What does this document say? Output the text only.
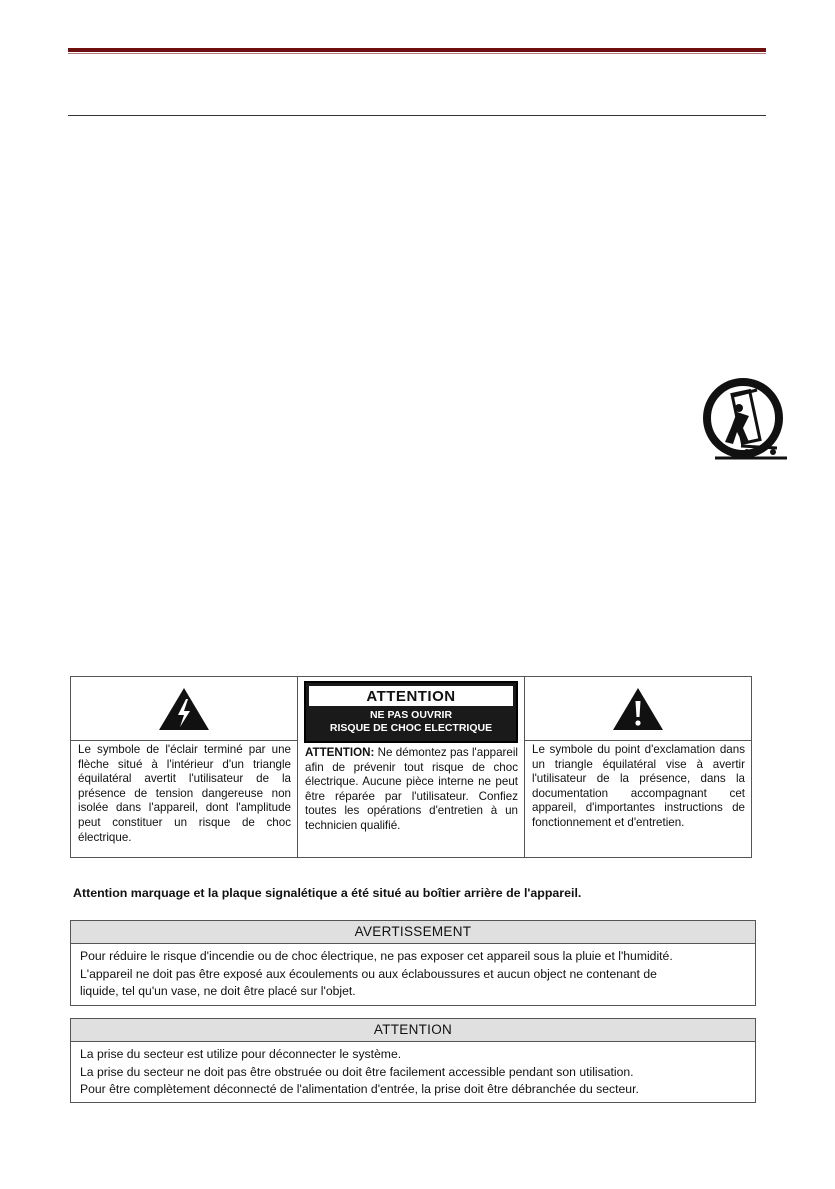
Le symbole de l'éclair terminé par une flèche situé à l'intérieur d'un triangle équilatéral avertit l'utilisateur de la présence de tension dangereuse non isolée dans l'appareil, dont l'amplitude peut constituer un risque de choc électrique.
ATTENTION
NE PAS OUVRIR
RISQUE DE CHOC ELECTRIQUE
ATTENTION: Ne démontez pas l'appareil afin de prévenir tout risque de choc électrique. Aucune pièce interne ne peut être réparée par l'utilisateur. Confiez toutes les opérations d'entretien à un technicien qualifié.
Le symbole du point d'exclamation dans un triangle équilatéral vise à avertir l'utilisateur de la présence, dans la documentation accompagnant cet appareil, d'importantes instructions de fonctionnement et d'entretien.
Attention marquage et la plaque signalétique a été situé au boîtier arrière de l'appareil.
AVERTISSEMENT
Pour réduire le risque d'incendie ou de choc électrique, ne pas exposer cet appareil sous la pluie et l'humidité.
L'appareil ne doit pas être exposé aux écoulements ou aux éclaboussures et aucun object ne contenant de
liquide, tel qu'un vase, ne doit être placé sur l'objet.
ATTENTION
La prise du secteur est utilize pour déconnecter le système.
La prise du secteur ne doit pas être obstruée ou doit être facilement accessible pendant son utilisation.
Pour être complètement déconnecté de l'alimentation d'entrée, la prise doit être débranchée du secteur.
